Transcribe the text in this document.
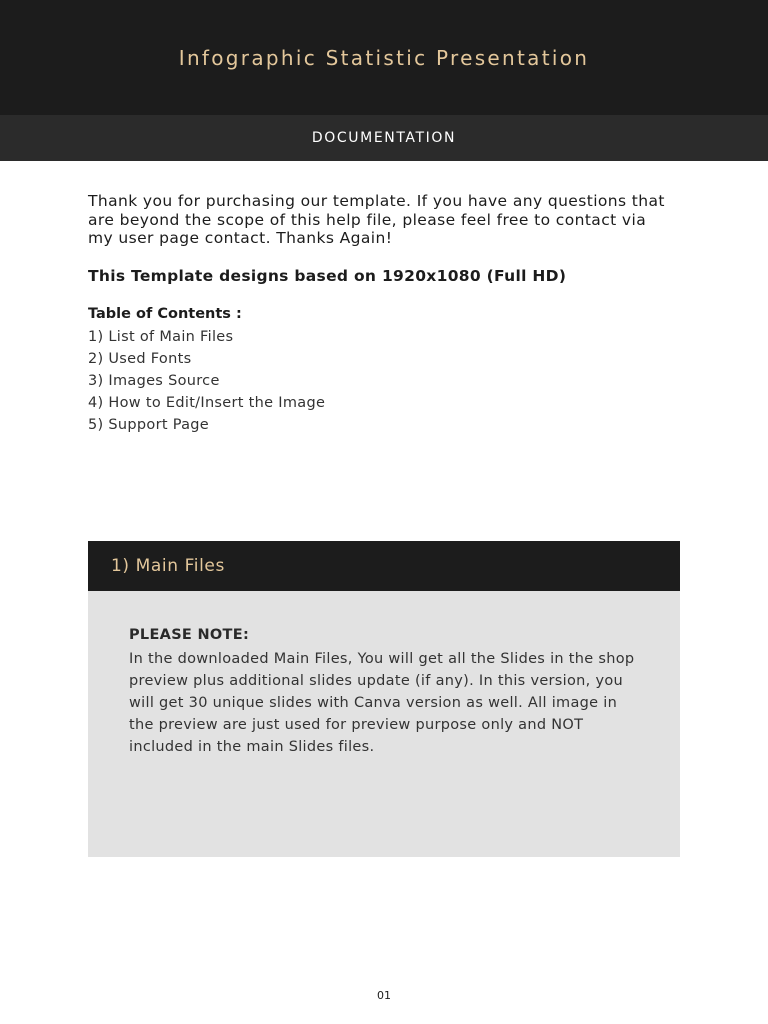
Infographic Statistic Presentation
DOCUMENTATION

Thank you for purchasing our template. If you have any questions that are beyond the scope of this help file, please feel free to contact via my user page contact. Thanks Again!

This Template designs based on 1920x1080 (Full HD)

Table of Contents :
1) List of Main Files
2) Used Fonts
3) Images Source
4) How to Edit/Insert the Image
5) Support Page
1) Main Files
PLEASE NOTE:

In the downloaded Main Files, You will get all the Slides in the shop preview plus additional slides update (if any). In this version, you will get 30 unique slides with Canva version as well. All image in the preview are just used for preview purpose only and NOT included in the main Slides files.

01
